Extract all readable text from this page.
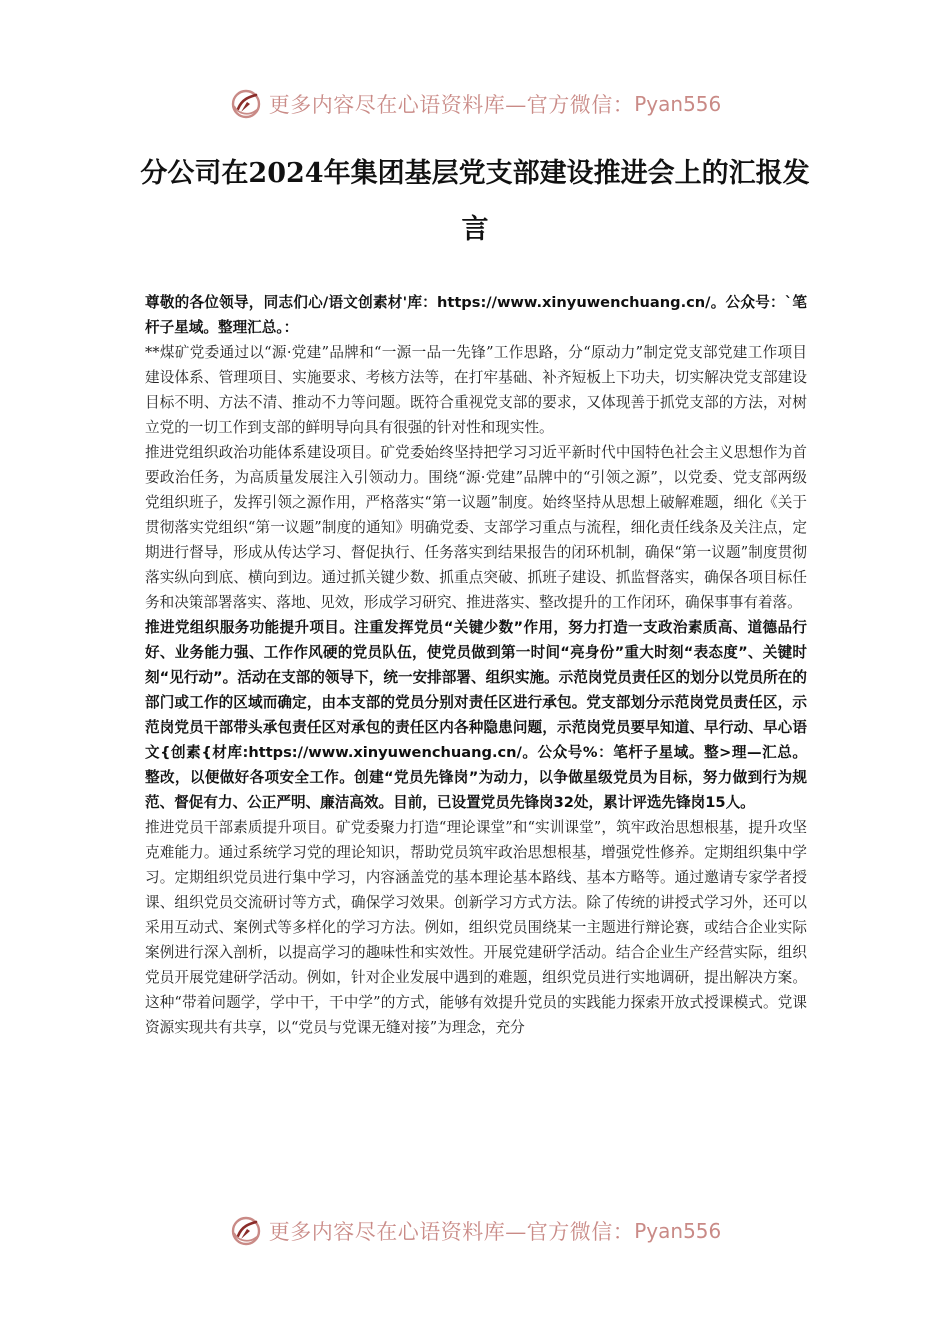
更多内容尽在心语资料库—官方微信： Pyan556
分公司在2024年集团基层党支部建设推进会上的汇报发言

尊敬的各位领导，同志们心/语文创素材'库：https://www.xinyuwenchuang.cn/。公众号：`笔杆子星域。整理汇总。：

**煤矿党委通过以“源·党建”品牌和“一源一品一先锋”工作思路，分“原动力”制定党支部党建工作项目建设体系、管理项目、实施要求、考核方法等，在打牢基础、补齐短板上下功夫，切实解决党支部建设目标不明、方法不清、推动不力等问题。既符合重视党支部的要求，又体现善于抓党支部的方法，对树立党的一切工作到支部的鲜明导向具有很强的针对性和现实性。

推进党组织政治功能体系建设项目。矿党委始终坚持把学习习近平新时代中国特色社会主义思想作为首要政治任务，为高质量发展注入引领动力。围绕“源·党建”品牌中的“引领之源”，以党委、党支部两级党组织班子，发挥引领之源作用，严格落实“第一议题”制度。始终坚持从思想上破解难题，细化《关于贯彻落实党组织“第一议题”制度的通知》明确党委、支部学习重点与流程，细化责任线条及关注点，定期进行督导，形成从传达学习、督促执行、任务落实到结果报告的闭环机制，确保“第一议题”制度贯彻落实纵向到底、横向到边。通过抓关键少数、抓重点突破、抓班子建设、抓监督落实，确保各项目标任务和决策部署落实、落地、见效，形成学习研究、推进落实、整改提升的工作闭环，确保事事有着落。

推进党组织服务功能提升项目。注重发挥党员“关键少数”作用，努力打造一支政治素质高、道德品行好、业务能力强、工作作风硬的党员队伍，使党员做到第一时间“亮身份”重大时刻“表态度”、关键时刻“见行动”。活动在支部的领导下，统一安排部署、组织实施。示范岗党员责任区的划分以党员所在的部门或工作的区域而确定，由本支部的党员分别对责任区进行承包。党支部划分示范岗党员责任区，示范岗党员干部带头承包责任区对承包的责任区内各种隐患问题，示范岗党员要早知道、早行动、早心语文{创素{材库:https://www.xinyuwenchuang.cn/。公众号%：笔杆子星域。整>理—汇总。整改，以便做好各项安全工作。创建“党员先锋岗”为动力，以争做星级党员为目标，努力做到行为规范、督促有力、公正严明、廉洁高效。目前，已设置党员先锋岗32处，累计评选先锋岗15人。

推进党员干部素质提升项目。矿党委聚力打造“理论课堂”和“实训课堂”，筑牢政治思想根基，提升攻坚克难能力。通过系统学习党的理论知识，帮助党员筑牢政治思想根基，增强党性修养。定期组织集中学习。定期组织党员进行集中学习，内容涵盖党的基本理论基本路线、基本方略等。通过邀请专家学者授课、组织党员交流研讨等方式，确保学习效果。创新学习方式方法。除了传统的讲授式学习外，还可以采用互动式、案例式等多样化的学习方法。例如，组织党员围绕某一主题进行辩论赛，或结合企业实际案例进行深入剖析，以提高学习的趣味性和实效性。开展党建研学活动。结合企业生产经营实际，组织党员开展党建研学活动。例如，针对企业发展中遇到的难题，组织党员进行实地调研，提出解决方案。这种“带着问题学，学中干，干中学”的方式，能够有效提升党员的实践能力探索开放式授课模式。党课资源实现共有共享，以“党员与党课无缝对接”为理念，充分

更多内容尽在心语资料库—官方微信： Pyan556
